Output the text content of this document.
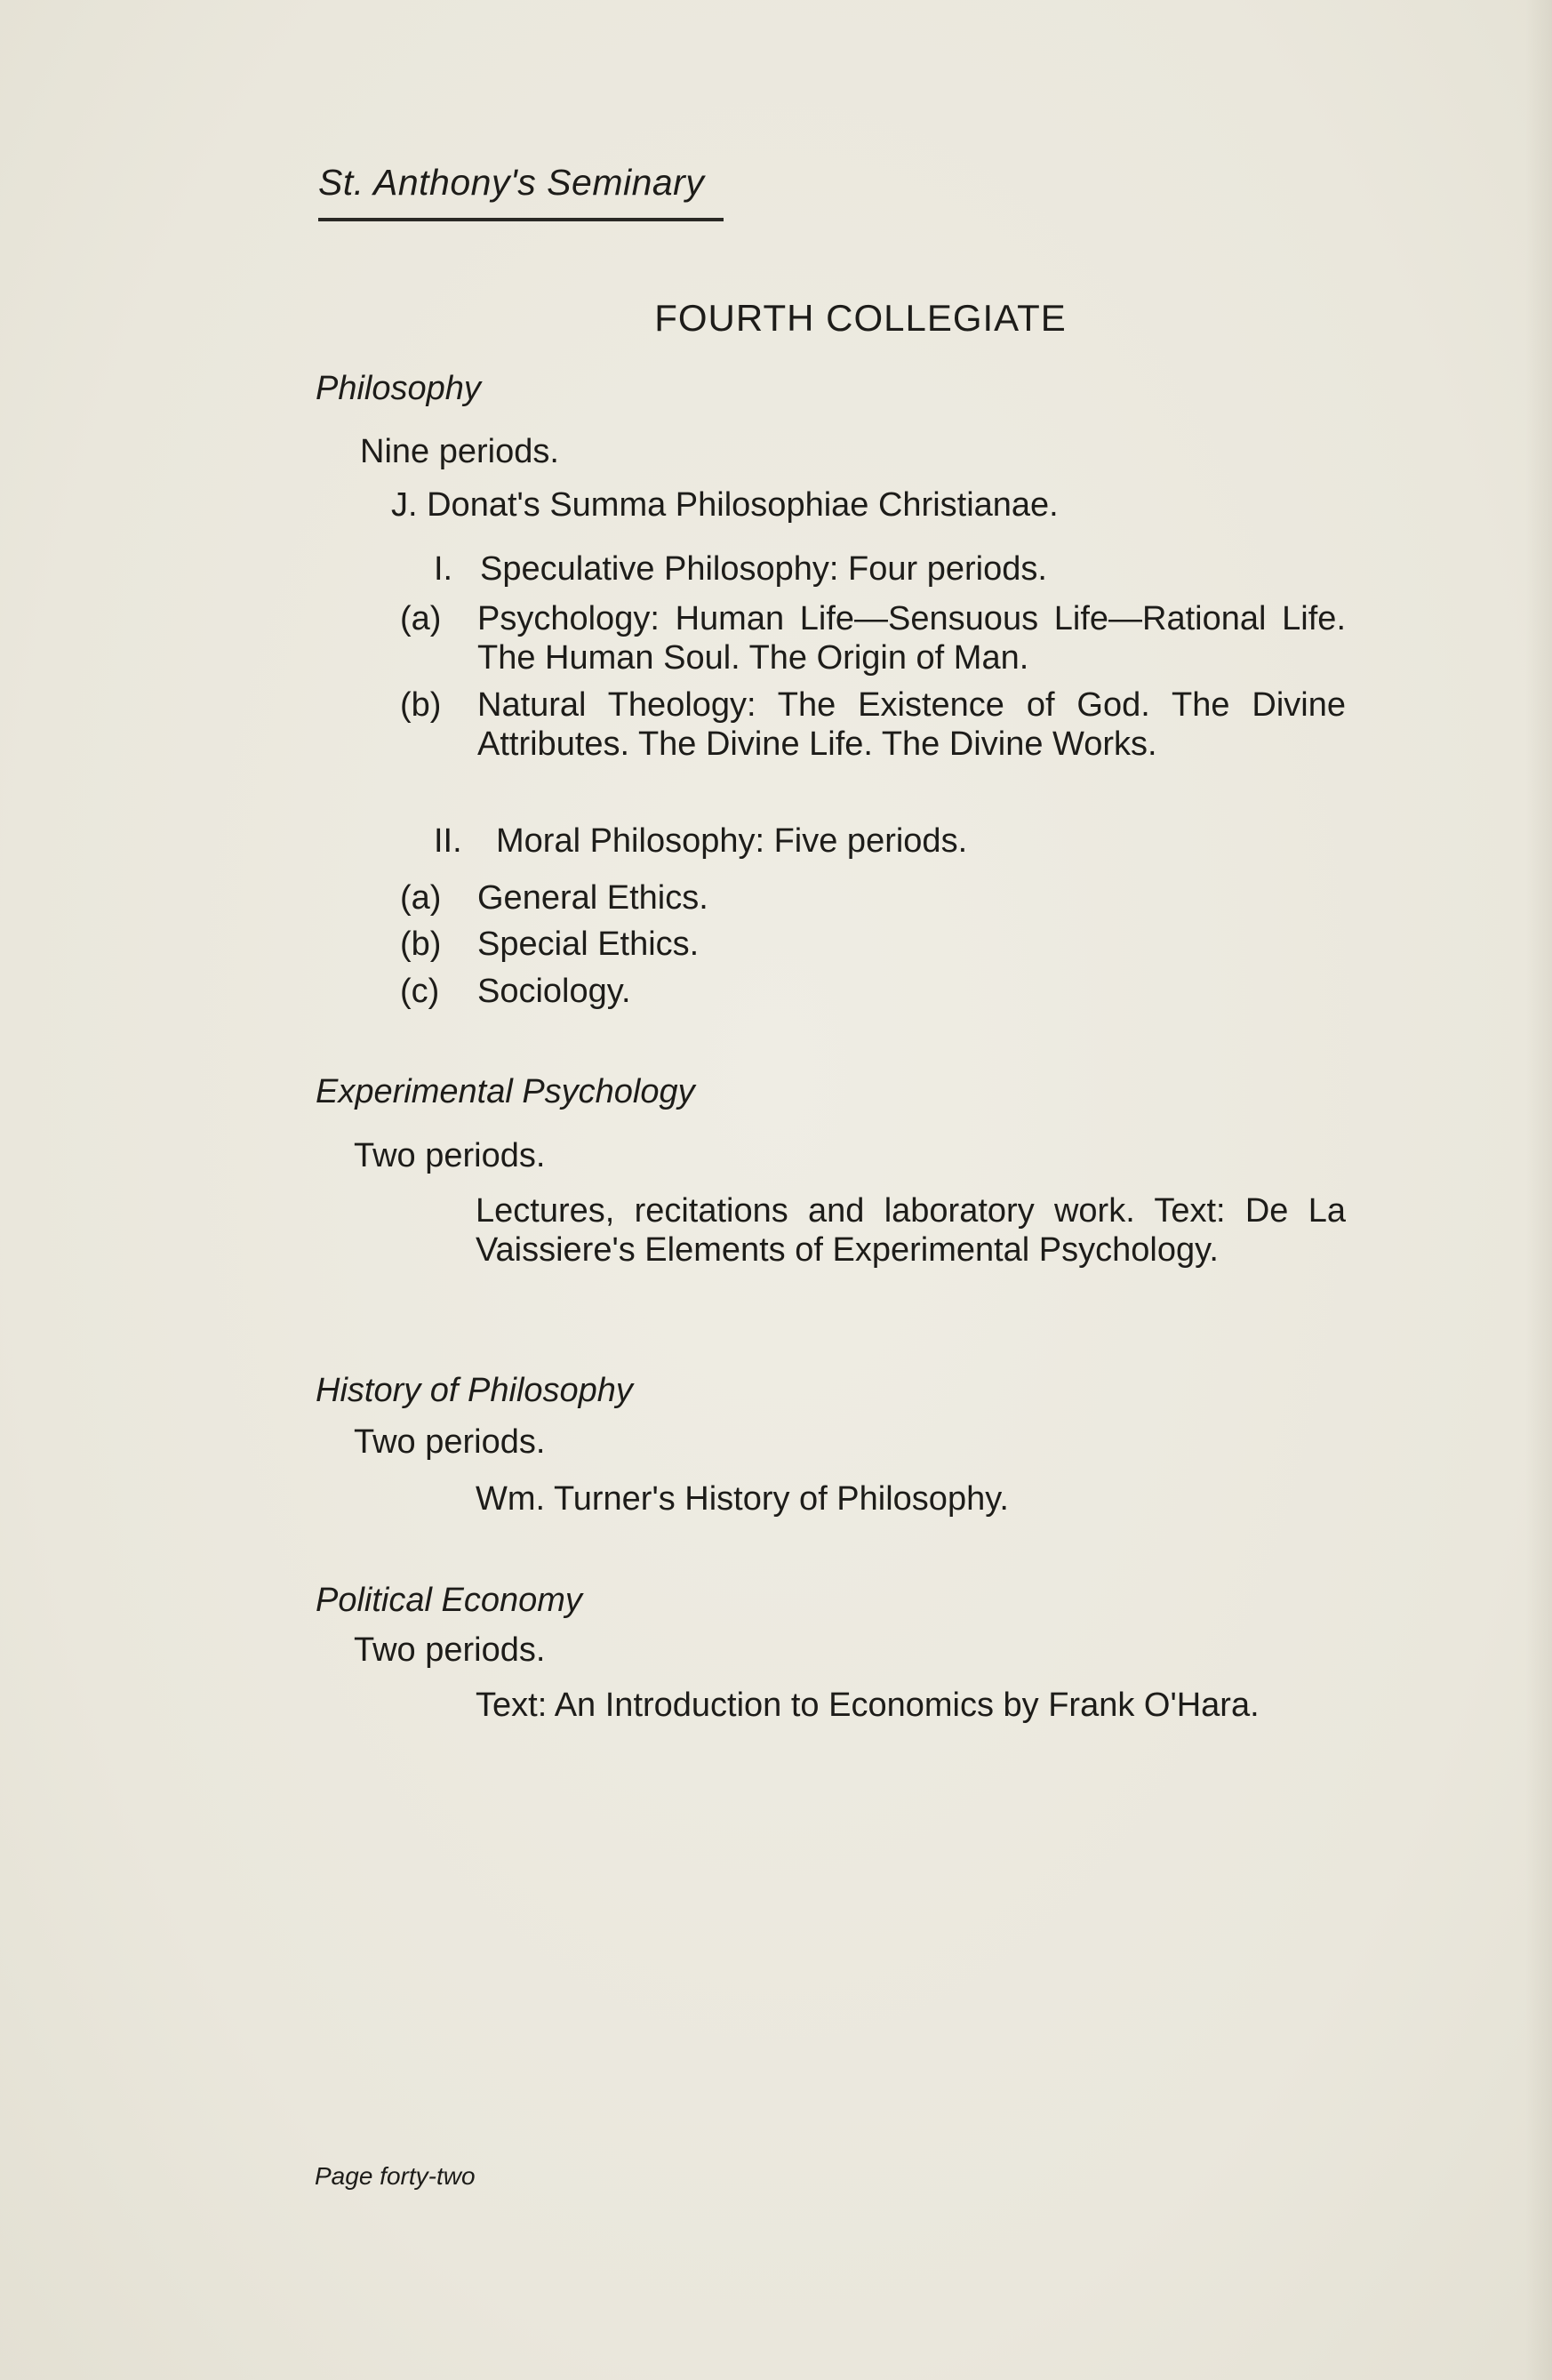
St. Anthony's Seminary
FOURTH COLLEGIATE
Philosophy
Nine periods.
J. Donat's Summa Philosophiae Christianae.
I. Speculative Philosophy: Four periods.
(a) Psychology: Human Life—Sensuous Life—Rational Life. The Human Soul. The Origin of Man.
(b) Natural Theology: The Existence of God. The Divine Attributes. The Divine Life. The Divine Works.
II. Moral Philosophy: Five periods.
(a) General Ethics.
(b) Special Ethics.
(c) Sociology.
Experimental Psychology
Two periods.
Lectures, recitations and laboratory work. Text: De La Vaissiere's Elements of Experimental Psychology.
History of Philosophy
Two periods.
Wm. Turner's History of Philosophy.
Political Economy
Two periods.
Text: An Introduction to Economics by Frank O'Hara.
Page forty-two
